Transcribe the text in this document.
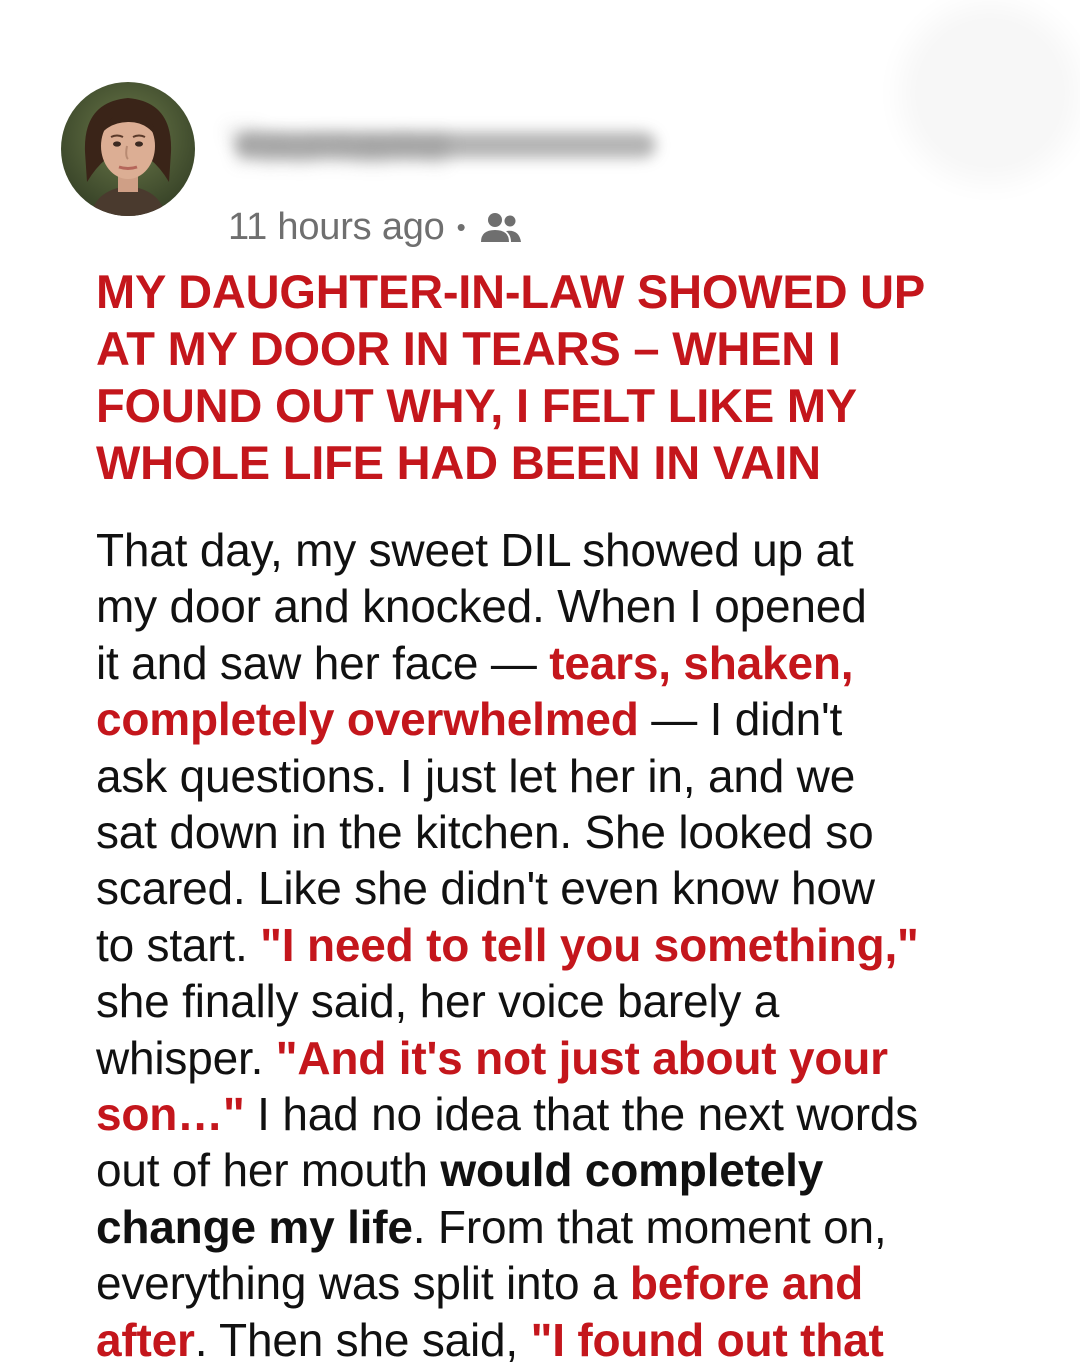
Yourname
11 hours ago •
MY DAUGHTER-IN-LAW SHOWED UP
AT MY DOOR IN TEARS – WHEN I
FOUND OUT WHY, I FELT LIKE MY
WHOLE LIFE HAD BEEN IN VAIN
That day, my sweet DIL showed up at
my door and knocked. When I opened
it and saw her face — tears, shaken,
completely overwhelmed — I didn't
ask questions. I just let her in, and we
sat down in the kitchen. She looked so
scared. Like she didn't even know how
to start. "I need to tell you something,"
she finally said, her voice barely a
whisper. "And it's not just about your
son…" I had no idea that the next words
out of her mouth would completely
change my life. From that moment on,
everything was split into a before and
after. Then she said, "I found out that
